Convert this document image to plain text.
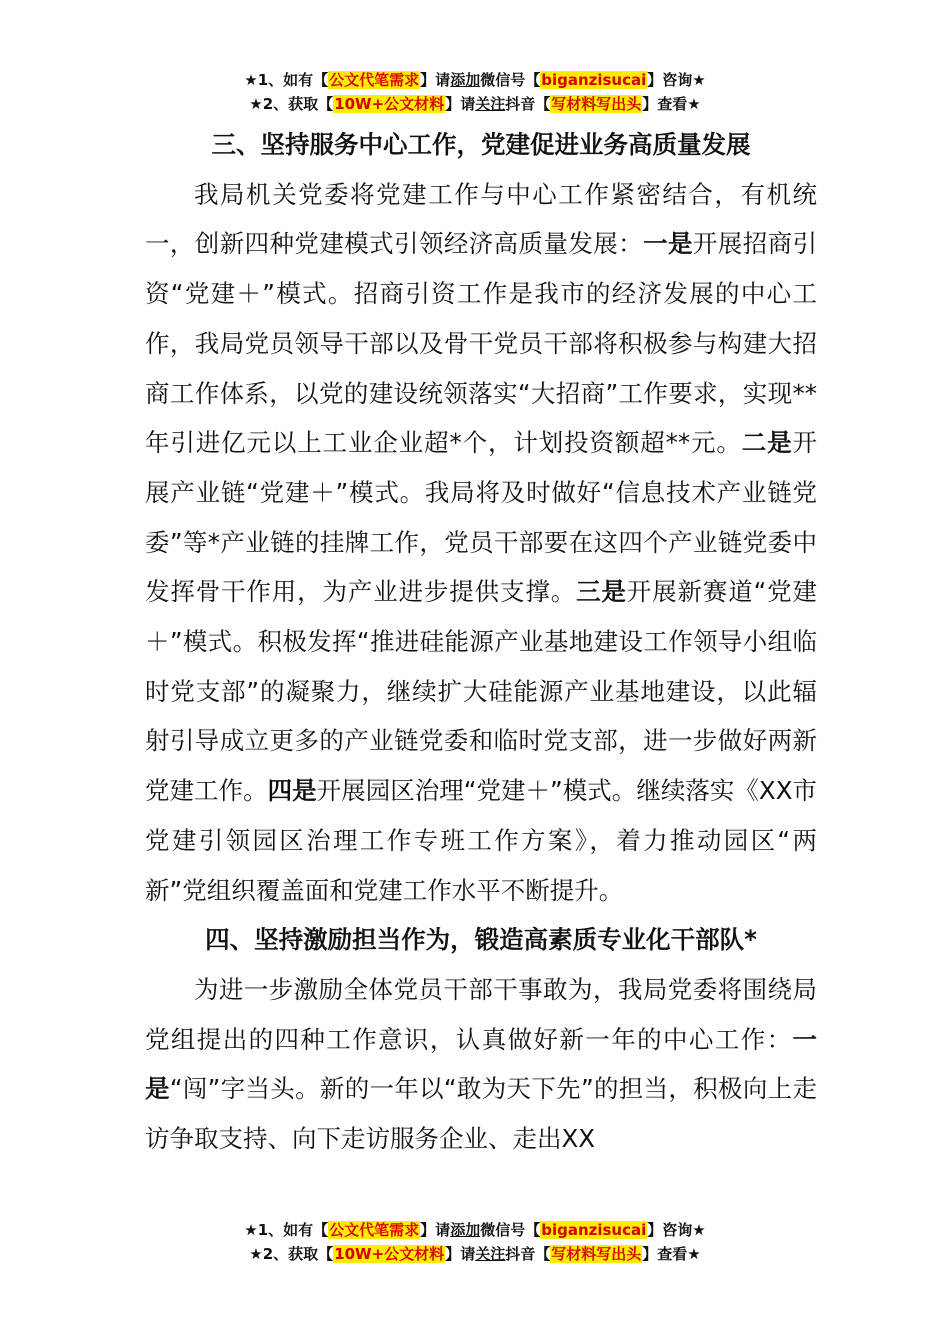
★1、如有【公文代笔需求】请添加微信号【biganzisucai】咨询★
★2、获取【10W+公文材料】请关注抖音【写材料写出头】查看★

三、坚持服务中心工作，党建促进业务高质量发展

我局机关党委将党建工作与中心工作紧密结合，有机统一，创新四种党建模式引领经济高质量发展：一是开展招商引资“党建＋”模式。招商引资工作是我市的经济发展的中心工作，我局党员领导干部以及骨干党员干部将积极参与构建大招商工作体系，以党的建设统领落实“大招商”工作要求，实现**年引进亿元以上工业企业超*个，计划投资额超**元。二是开展产业链“党建＋”模式。我局将及时做好“信息技术产业链党委”等*产业链的挂牌工作，党员干部要在这四个产业链党委中发挥骨干作用，为产业进步提供支撑。三是开展新赛道“党建＋”模式。积极发挥“推进硅能源产业基地建设工作领导小组临时党支部”的凝聚力，继续扩大硅能源产业基地建设，以此辐射引导成立更多的产业链党委和临时党支部，进一步做好两新党建工作。四是开展园区治理“党建＋”模式。继续落实《XX市党建引领园区治理工作专班工作方案》，着力推动园区“两新”党组织覆盖面和党建工作水平不断提升。

四、坚持激励担当作为，锻造高素质专业化干部队*

为进一步激励全体党员干部干事敢为，我局党委将围绕局党组提出的四种工作意识，认真做好新一年的中心工作：一是“闯”字当头。新的一年以“敢为天下先”的担当，积极向上走访争取支持、向下走访服务企业、走出XX

★1、如有【公文代笔需求】请添加微信号【biganzisucai】咨询★
★2、获取【10W+公文材料】请关注抖音【写材料写出头】查看★
